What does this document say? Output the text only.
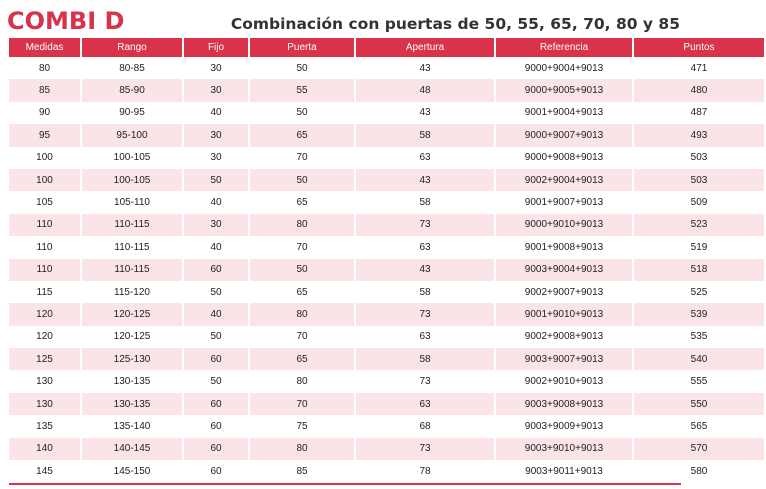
COMBI D	Combinación con puertas de 50, 55, 65, 70, 80 y 85
Medidas	Rango	Fijo	Puerta	Apertura	Referencia	Puntos
80	80-85	30	50	43	9000+9004+9013	471
85	85-90	30	55	48	9000+9005+9013	480
90	90-95	40	50	43	9001+9004+9013	487
95	95-100	30	65	58	9000+9007+9013	493
100	100-105	30	70	63	9000+9008+9013	503
100	100-105	50	50	43	9002+9004+9013	503
105	105-110	40	65	58	9001+9007+9013	509
110	110-115	30	80	73	9000+9010+9013	523
110	110-115	40	70	63	9001+9008+9013	519
110	110-115	60	50	43	9003+9004+9013	518
115	115-120	50	65	58	9002+9007+9013	525
120	120-125	40	80	73	9001+9010+9013	539
120	120-125	50	70	63	9002+9008+9013	535
125	125-130	60	65	58	9003+9007+9013	540
130	130-135	50	80	73	9002+9010+9013	555
130	130-135	60	70	63	9003+9008+9013	550
135	135-140	60	75	68	9003+9009+9013	565
140	140-145	60	80	73	9003+9010+9013	570
145	145-150	60	85	78	9003+9011+9013	580
